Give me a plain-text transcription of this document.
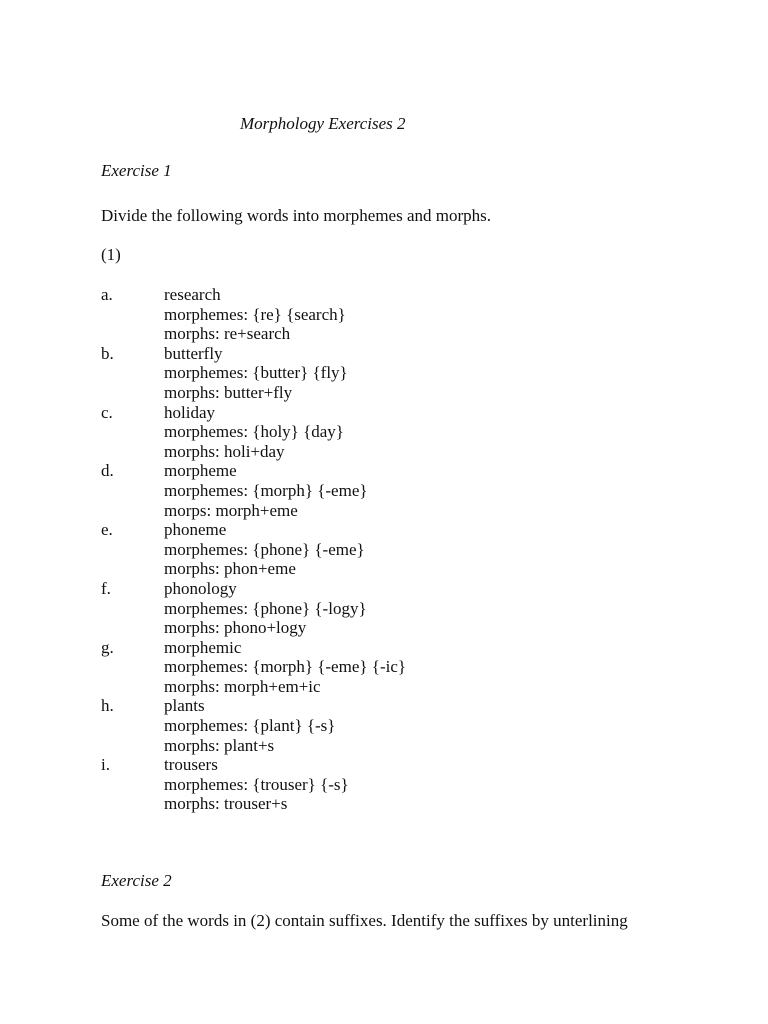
Morphology Exercises 2
Exercise 1
Divide the following words into morphemes and morphs.
(1)
a.	research
morphemes: {re} {search}
morphs: re+search
b.	butterfly
morphemes: {butter} {fly}
morphs: butter+fly
c.	holiday
morphemes: {holy} {day}
morphs: holi+day
d.	morpheme
morphemes: {morph} {-eme}
morps: morph+eme
e.	phoneme
morphemes: {phone} {-eme}
morphs: phon+eme
f.	phonology
morphemes: {phone} {-logy}
morphs: phono+logy
g.	morphemic
morphemes: {morph} {-eme} {-ic}
morphs: morph+em+ic
h.	plants
morphemes: {plant} {-s}
morphs: plant+s
i.	trousers
morphemes: {trouser} {-s}
morphs: trouser+s
Exercise 2
Some of the words in (2) contain suffixes. Identify the suffixes by unterlining
